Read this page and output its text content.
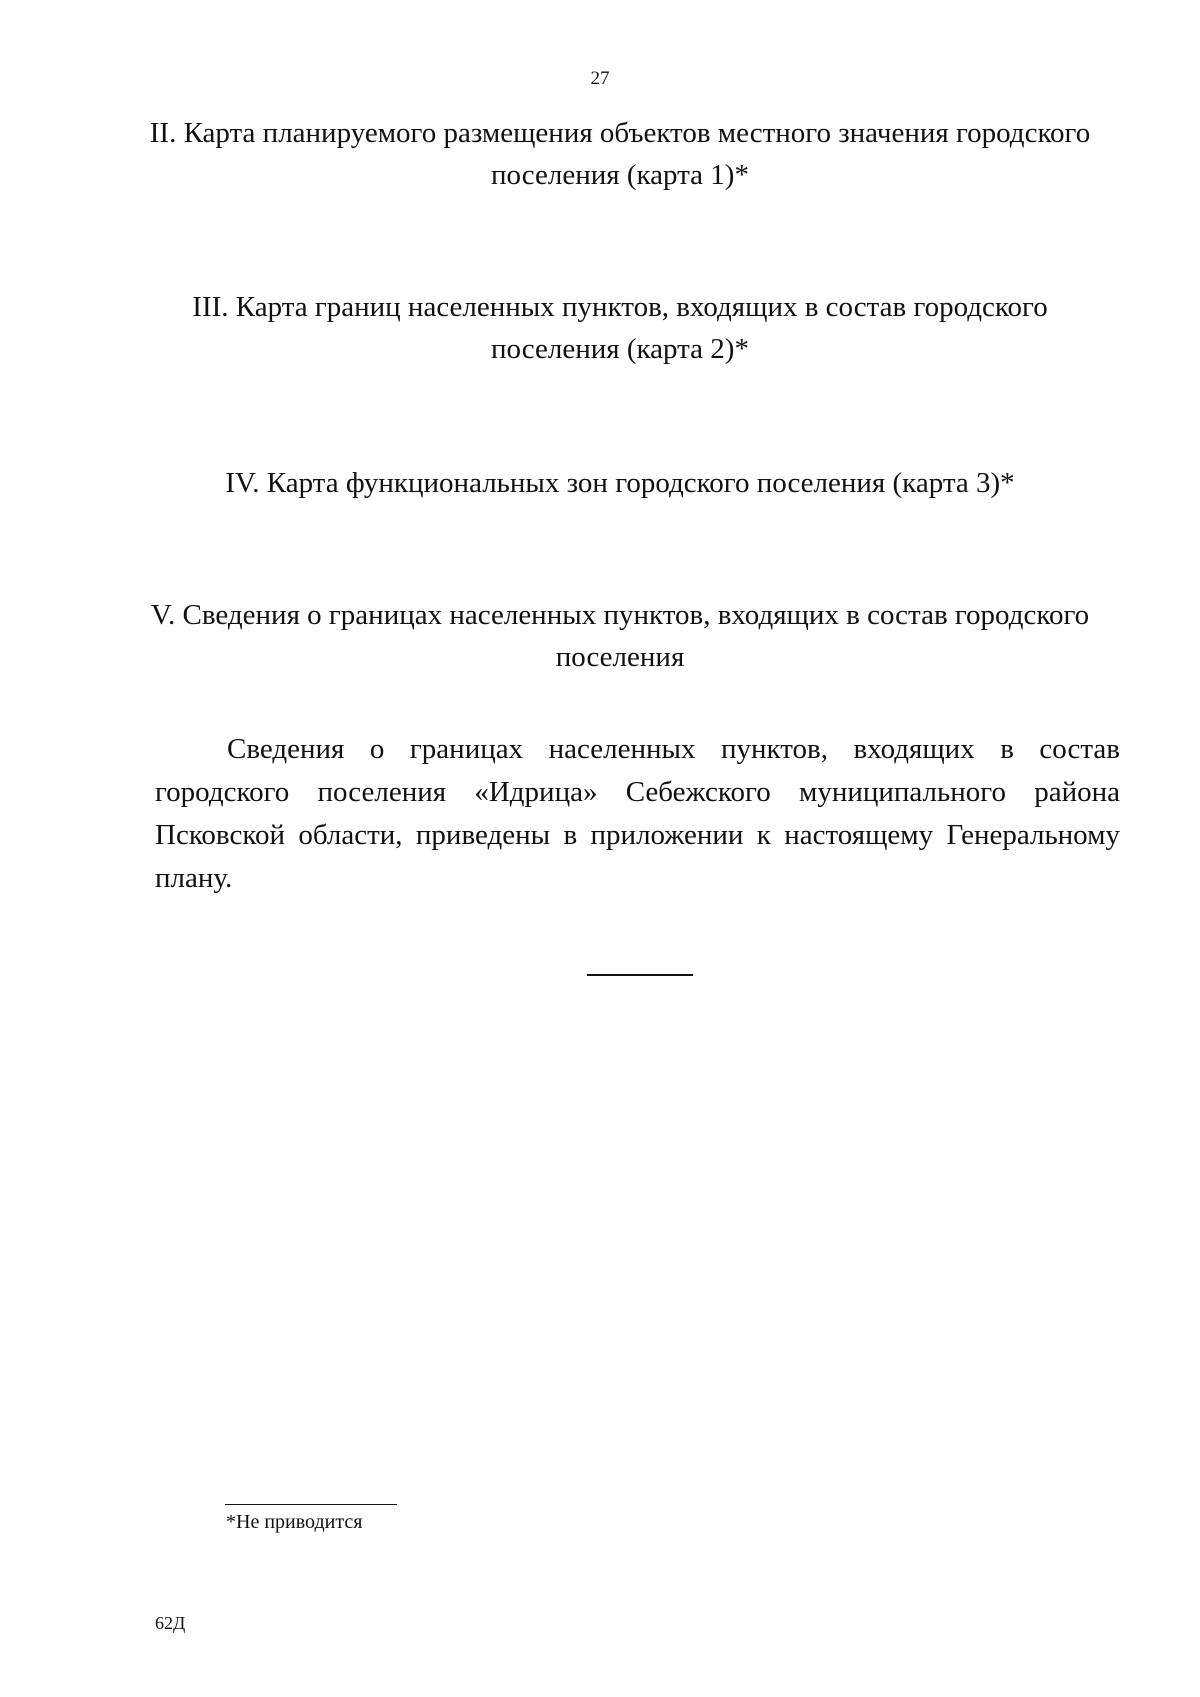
27
II. Карта планируемого размещения объектов местного значения городского поселения (карта 1)*
III. Карта границ населенных пунктов, входящих в состав городского поселения (карта 2)*
IV. Карта функциональных зон городского поселения (карта 3)*
V. Сведения о границах населенных пунктов, входящих в состав городского поселения

Сведения о границах населенных пунктов, входящих в состав городского поселения «Идрица» Себежского муниципального района Псковской области, приведены в приложении к настоящему Генеральному плану.

*Не приводится
62Д
